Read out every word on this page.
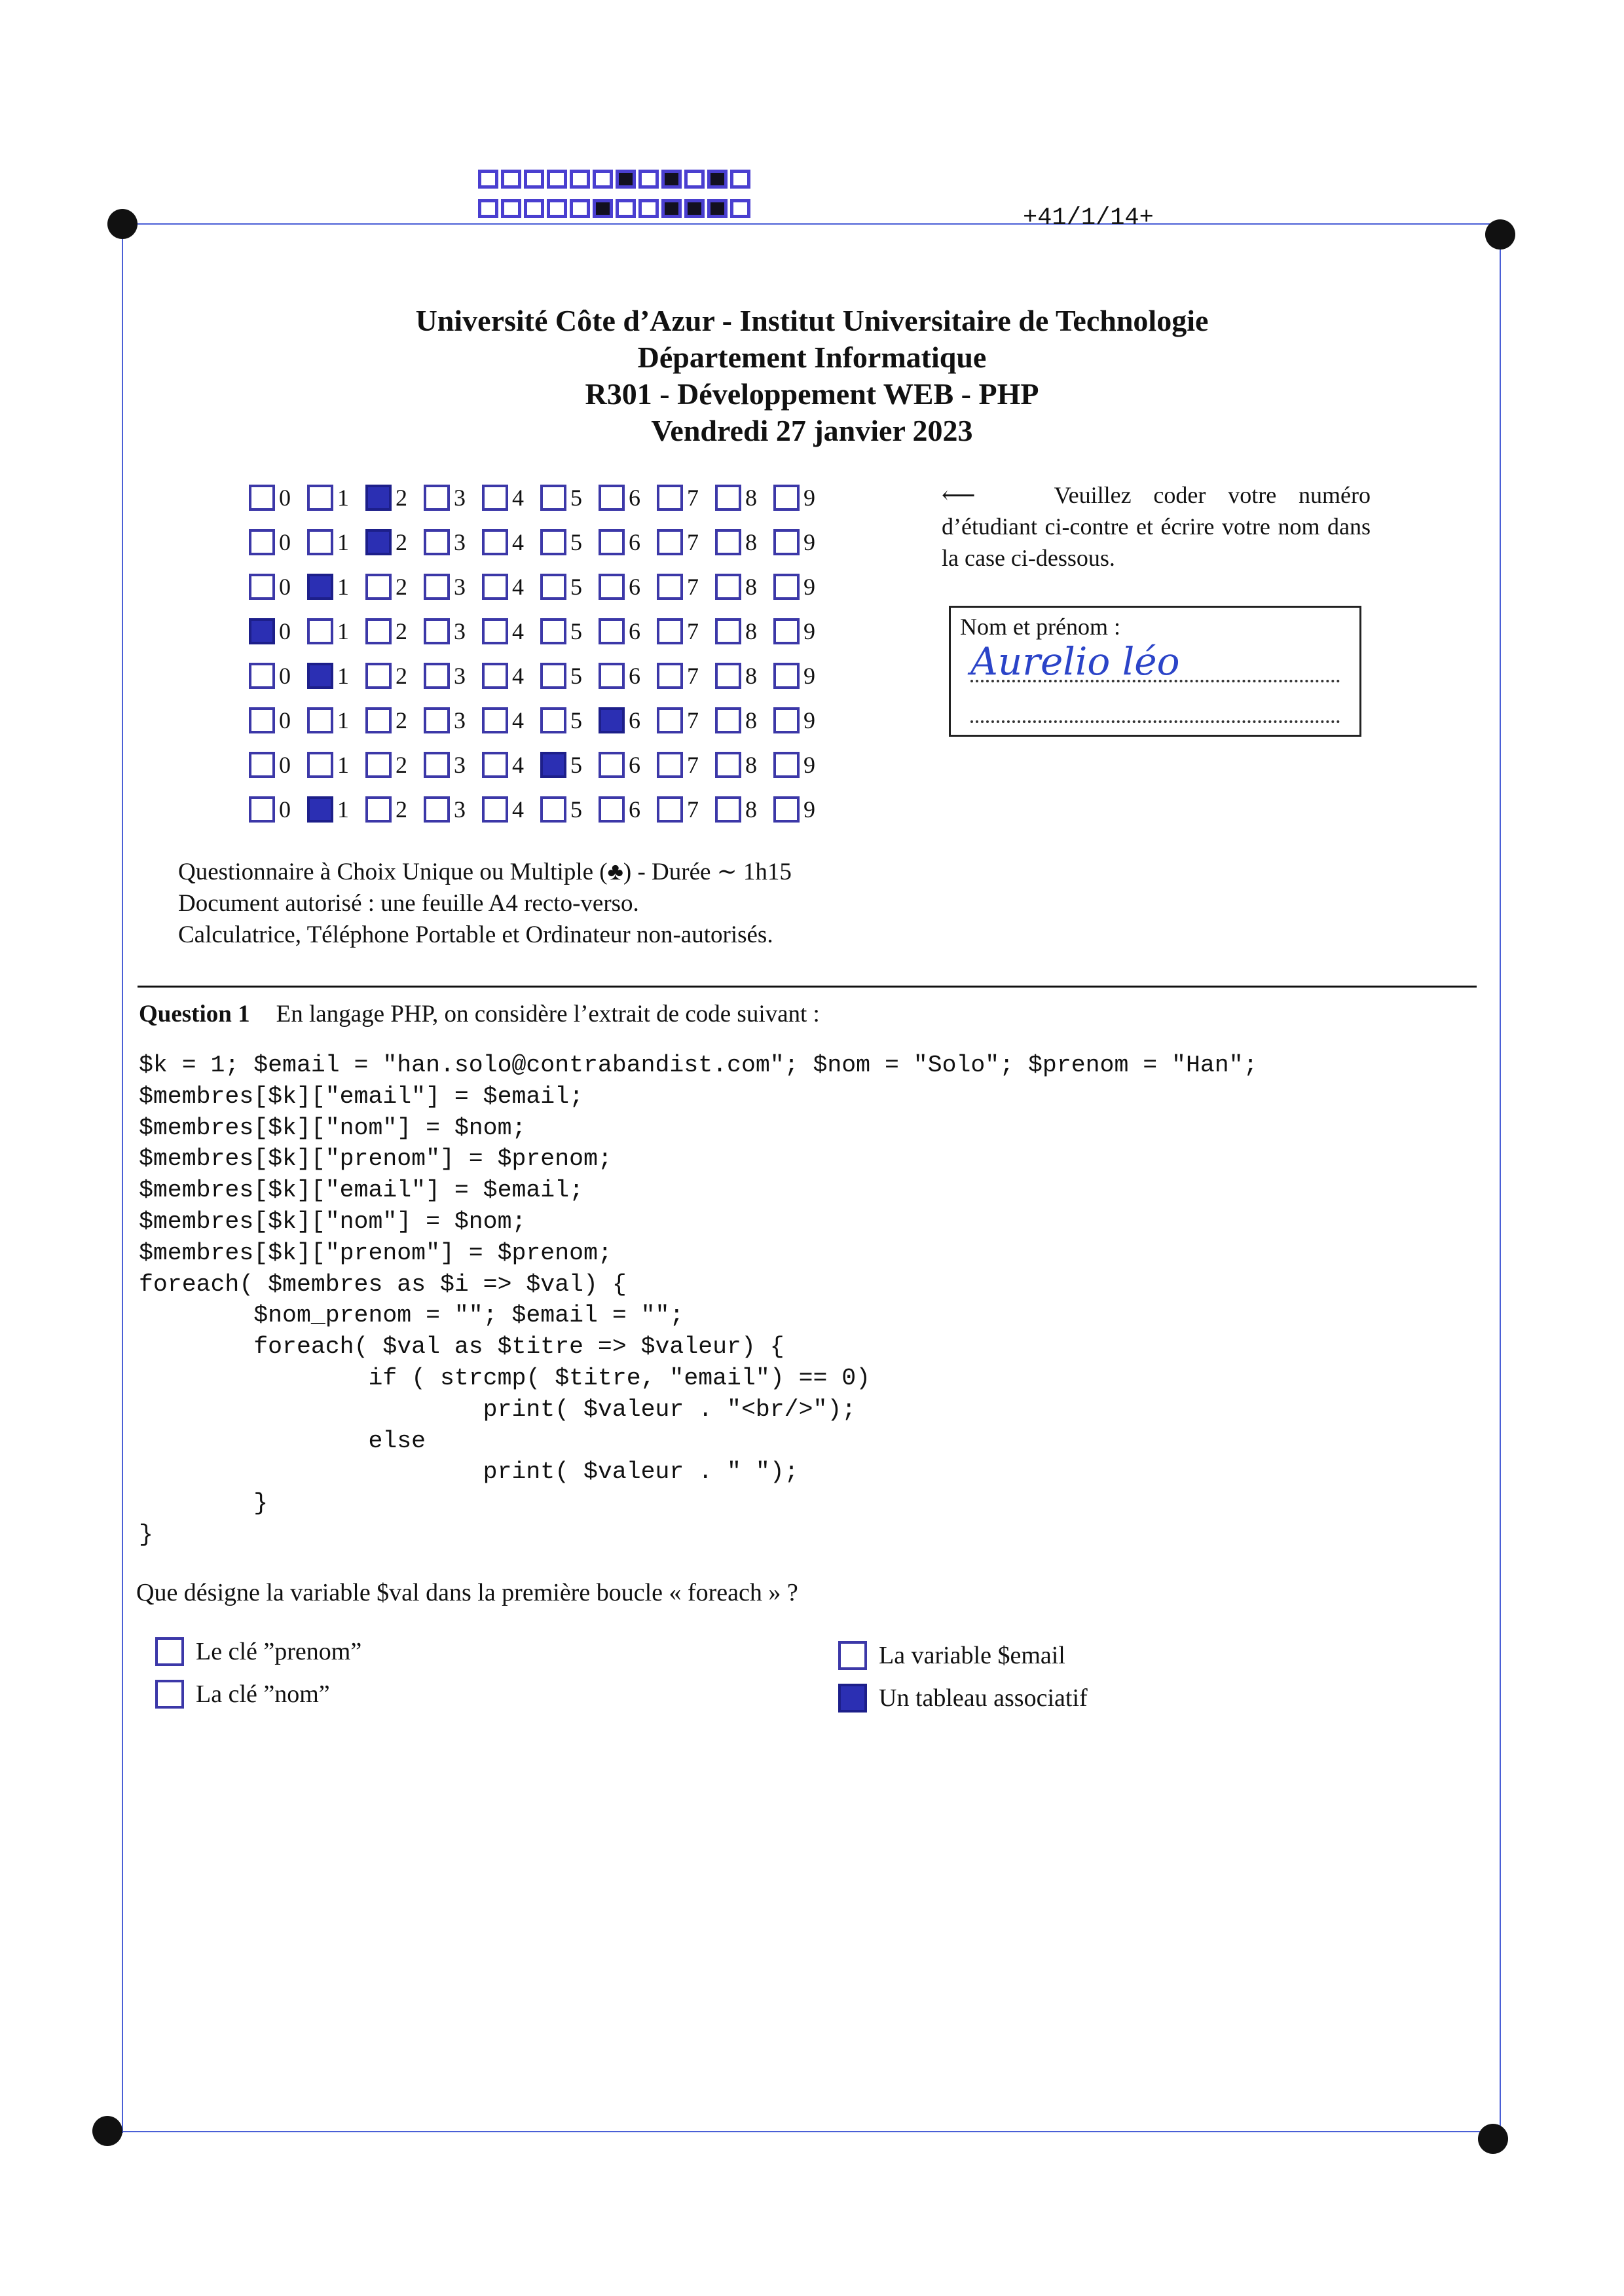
+41/1/14+
Université Côte d’Azur - Institut Universitaire de Technologie
Département Informatique
R301 - Développement WEB - PHP
Vendredi 27 janvier 2023
0 1 2 3 4 5 6 7 8 9
0 1 2 3 4 5 6 7 8 9
0 1 2 3 4 5 6 7 8 9
0 1 2 3 4 5 6 7 8 9
0 1 2 3 4 5 6 7 8 9
0 1 2 3 4 5 6 7 8 9
0 1 2 3 4 5 6 7 8 9
0 1 2 3 4 5 6 7 8 9
⟵	Veuillez coder votre numéro d’étudiant ci-contre et écrire votre nom dans la case ci-dessous.
Nom et prénom :
Aurelio léo
Questionnaire à Choix Unique ou Multiple (♣) - Durée ∼ 1h15
Document autorisé : une feuille A4 recto-verso.
Calculatrice, Téléphone Portable et Ordinateur non-autorisés.
Question 1 En langage PHP, on considère l’extrait de code suivant :
$k = 1; $email = "han.solo@contrabandist.com"; $nom = "Solo"; $prenom = "Han";
$membres[$k]["email"] = $email;
$membres[$k]["nom"] = $nom;
$membres[$k]["prenom"] = $prenom;
$membres[$k]["email"] = $email;
$membres[$k]["nom"] = $nom;
$membres[$k]["prenom"] = $prenom;
foreach( $membres as $i => $val) {
$nom_prenom = ""; $email = "";
foreach( $val as $titre => $valeur) {
if ( strcmp( $titre, "email") == 0)
print( $valeur . "<br/>");
else
print( $valeur . " ");
}
}
Que désigne la variable $val dans la première boucle « foreach » ?
Le clé ”prenom”
La clé ”nom”
La variable $email
Un tableau associatif
